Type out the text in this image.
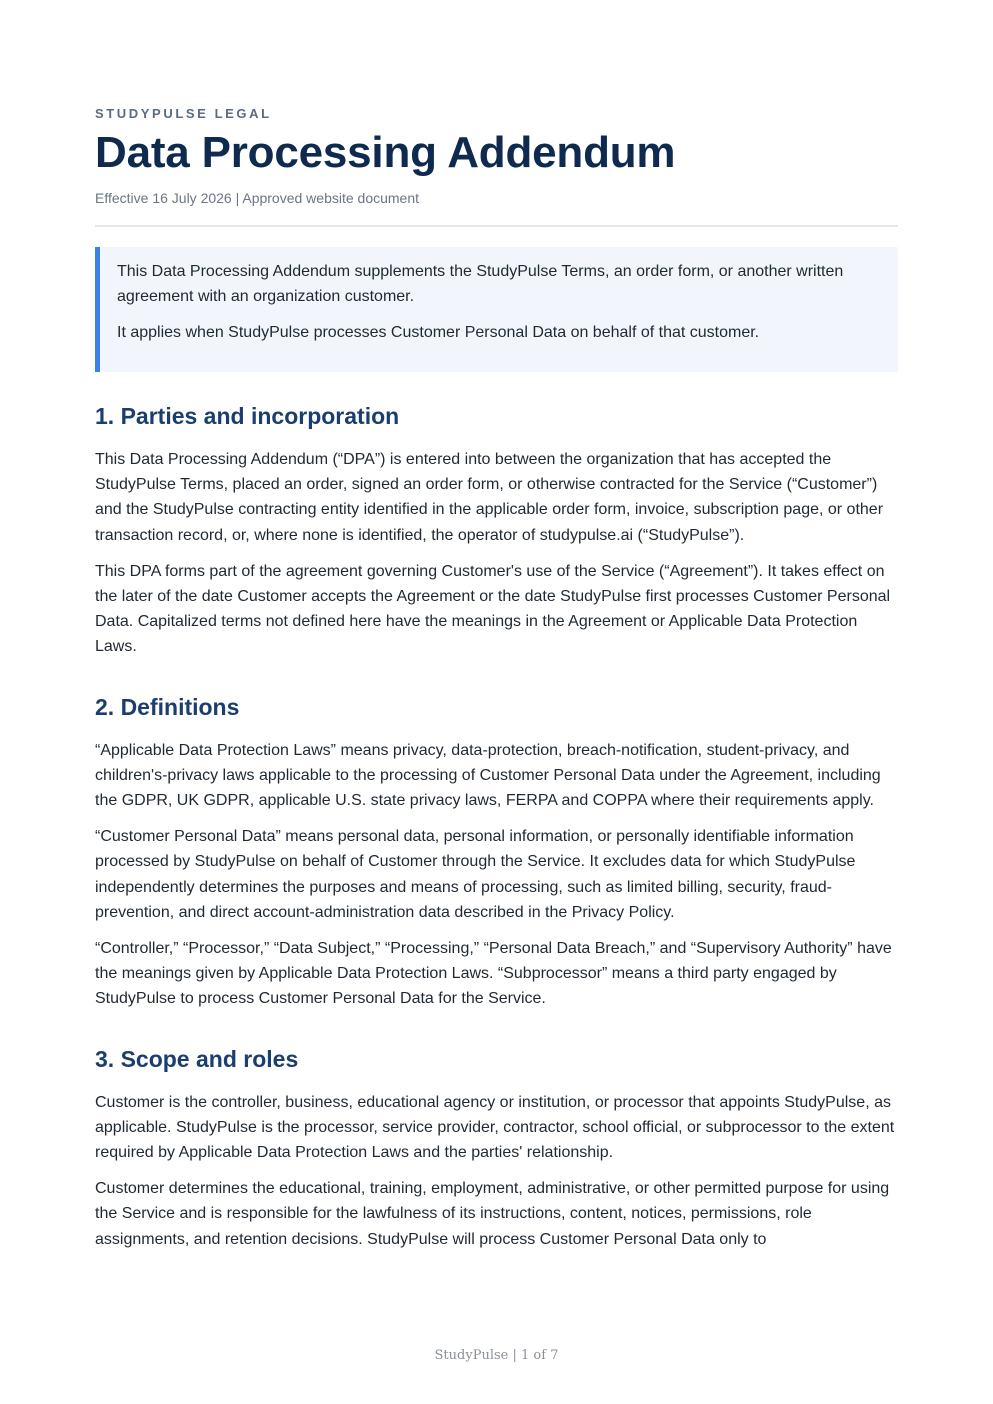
STUDYPULSE LEGAL
Data Processing Addendum
Effective 16 July 2026 | Approved website document

This Data Processing Addendum supplements the StudyPulse Terms, an order form, or another written agreement with an organization customer.

It applies when StudyPulse processes Customer Personal Data on behalf of that customer.

1. Parties and incorporation

This Data Processing Addendum (“DPA”) is entered into between the organization that has accepted the StudyPulse Terms, placed an order, signed an order form, or otherwise contracted for the Service (“Customer”) and the StudyPulse contracting entity identified in the applicable order form, invoice, subscription page, or other transaction record, or, where none is identified, the operator of studypulse.ai (“StudyPulse”).

This DPA forms part of the agreement governing Customer's use of the Service (“Agreement”). It takes effect on the later of the date Customer accepts the Agreement or the date StudyPulse first processes Customer Personal Data. Capitalized terms not defined here have the meanings in the Agreement or Applicable Data Protection Laws.

2. Definitions

“Applicable Data Protection Laws” means privacy, data-protection, breach-notification, student-privacy, and children's-privacy laws applicable to the processing of Customer Personal Data under the Agreement, including the GDPR, UK GDPR, applicable U.S. state privacy laws, FERPA and COPPA where their requirements apply.

“Customer Personal Data” means personal data, personal information, or personally identifiable information processed by StudyPulse on behalf of Customer through the Service. It excludes data for which StudyPulse independently determines the purposes and means of processing, such as limited billing, security, fraud-prevention, and direct account-administration data described in the Privacy Policy.

“Controller,” “Processor,” “Data Subject,” “Processing,” “Personal Data Breach,” and “Supervisory Authority” have the meanings given by Applicable Data Protection Laws. “Subprocessor” means a third party engaged by StudyPulse to process Customer Personal Data for the Service.

3. Scope and roles

Customer is the controller, business, educational agency or institution, or processor that appoints StudyPulse, as applicable. StudyPulse is the processor, service provider, contractor, school official, or subprocessor to the extent required by Applicable Data Protection Laws and the parties' relationship.

Customer determines the educational, training, employment, administrative, or other permitted purpose for using the Service and is responsible for the lawfulness of its instructions, content, notices, permissions, role assignments, and retention decisions. StudyPulse will process Customer Personal Data only to

StudyPulse | 1 of 7
